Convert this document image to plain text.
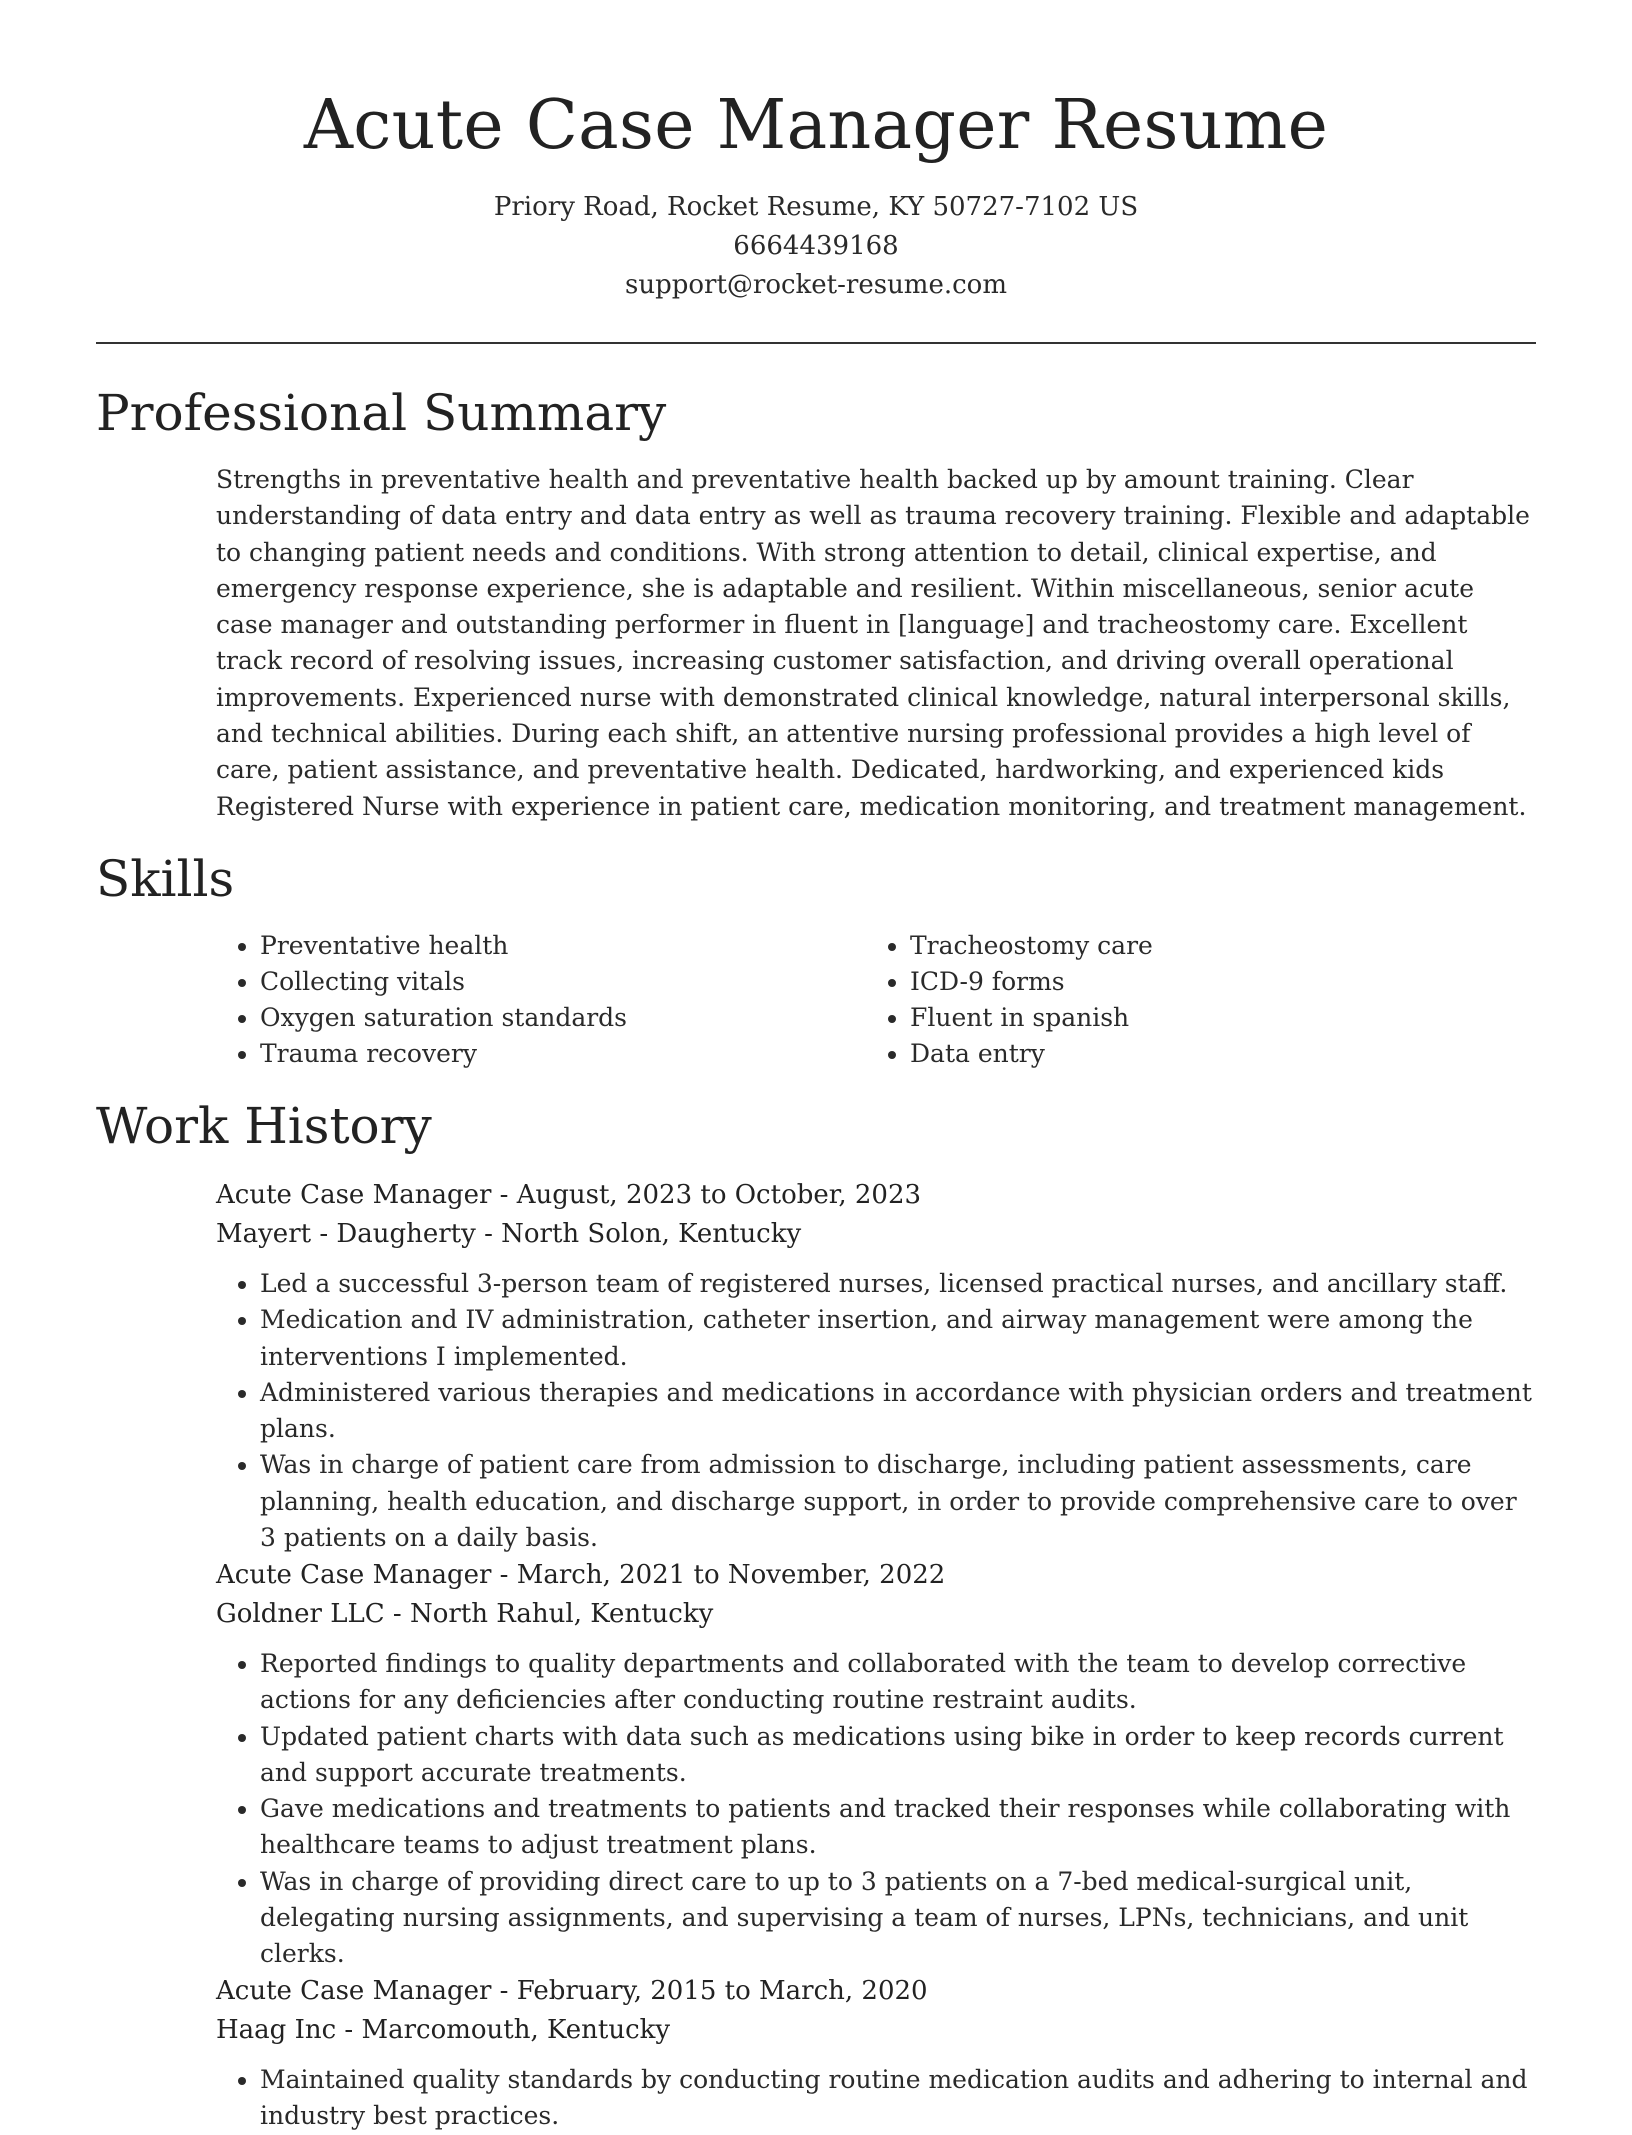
Acute Case Manager Resume
Priory Road, Rocket Resume, KY 50727-7102 US
6664439168
support@rocket-resume.com
Professional Summary
Strengths in preventative health and preventative health backed up by amount training. Clear understanding of data entry and data entry as well as trauma recovery training. Flexible and adaptable to changing patient needs and conditions. With strong attention to detail, clinical expertise, and emergency response experience, she is adaptable and resilient. Within miscellaneous, senior acute case manager and outstanding performer in fluent in [language] and tracheostomy care. Excellent track record of resolving issues, increasing customer satisfaction, and driving overall operational improvements. Experienced nurse with demonstrated clinical knowledge, natural interpersonal skills, and technical abilities. During each shift, an attentive nursing professional provides a high level of care, patient assistance, and preventative health. Dedicated, hardworking, and experienced kids Registered Nurse with experience in patient care, medication monitoring, and treatment management.
Skills
• Preventative health
• Collecting vitals
• Oxygen saturation standards
• Trauma recovery
• Tracheostomy care
• ICD-9 forms
• Fluent in spanish
• Data entry
Work History
Acute Case Manager - August, 2023 to October, 2023
Mayert - Daugherty - North Solon, Kentucky
• Led a successful 3-person team of registered nurses, licensed practical nurses, and ancillary staff.
• Medication and IV administration, catheter insertion, and airway management were among the interventions I implemented.
• Administered various therapies and medications in accordance with physician orders and treatment plans.
• Was in charge of patient care from admission to discharge, including patient assessments, care planning, health education, and discharge support, in order to provide comprehensive care to over 3 patients on a daily basis.
Acute Case Manager - March, 2021 to November, 2022
Goldner LLC - North Rahul, Kentucky
• Reported findings to quality departments and collaborated with the team to develop corrective actions for any deficiencies after conducting routine restraint audits.
• Updated patient charts with data such as medications using bike in order to keep records current and support accurate treatments.
• Gave medications and treatments to patients and tracked their responses while collaborating with healthcare teams to adjust treatment plans.
• Was in charge of providing direct care to up to 3 patients on a 7-bed medical-surgical unit, delegating nursing assignments, and supervising a team of nurses, LPNs, technicians, and unit clerks.
Acute Case Manager - February, 2015 to March, 2020
Haag Inc - Marcomouth, Kentucky
• Maintained quality standards by conducting routine medication audits and adhering to internal and industry best practices.
